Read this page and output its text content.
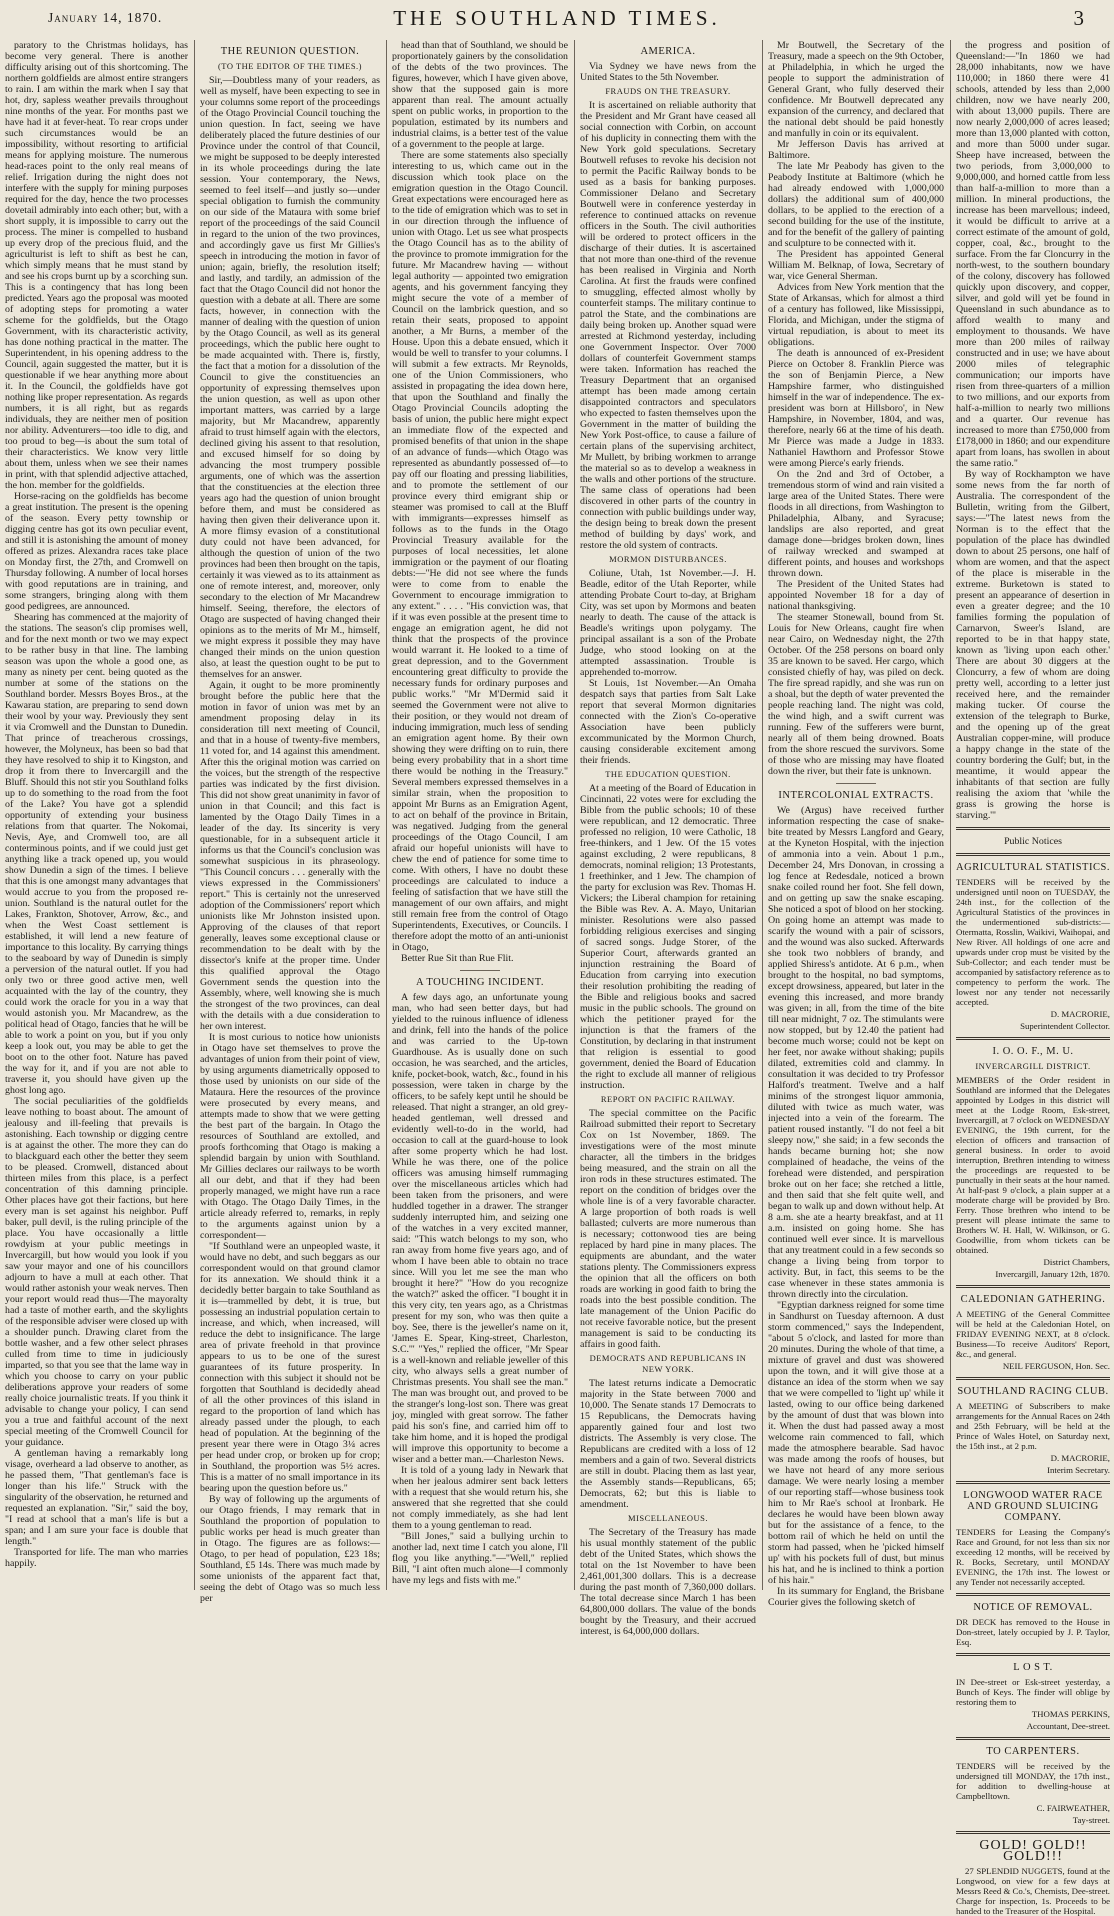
January 14, 1870.	THE SOUTHLAND TIMES.	3

paratory to the Christmas holidays, has become very general. There is another difficulty arising out of this shortcoming. The northern goldfields are almost entire strangers to rain. I am within the mark when I say that hot, dry, sapless weather prevails throughout nine months of the year. For months past we have had it at fever-heat. To rear crops under such circumstances would be an impossibility, without resorting to artificial means for applying moisture. The numerous head-races point to the only real means of relief. Irrigation during the night does not interfere with the supply for mining purposes required for the day, hence the two processes dovetail admirably into each other; but, with a short supply, it is impossible to carry out the process. The miner is compelled to husband up every drop of the precious fluid, and the agriculturist is left to shift as best he can, which simply means that he must stand by and see his crops burnt up by a scorching sun. This is a contingency that has long been predicted. Years ago the proposal was mooted of adopting steps for promoting a water scheme for the goldfields, but the Otago Government, with its characteristic activity, has done nothing practical in the matter. The Superintendent, in his opening address to the Council, again suggested the matter, but it is questionable if we hear anything more about it. In the Council, the goldfields have got nothing like proper representation. As regards numbers, it is all right, but as regards individuals, they are neither men of position nor ability. Adventurers—too idle to dig, and too proud to beg—is about the sum total of their characteristics. We know very little about them, unless when we see their names in print, with that splendid adjective attached, the hon. member for the goldfields.

Horse-racing on the goldfields has become a great institution. The present is the opening of the season. Every petty township or digging centre has got its own peculiar event, and still it is astonishing the amount of money offered as prizes. Alexandra races take place on Monday first, the 27th, and Cromwell on Thursday following. A number of local horses with good reputations are in training, and some strangers, bringing along with them good pedigrees, are announced.

Shearing has commenced at the majority of the stations. The season's clip promises well, and for the next month or two we may expect to be rather busy in that line. The lambing season was upon the whole a good one, as many as ninety per cent. being quoted as the number at some of the stations on the Southland border. Messrs Boyes Bros., at the Kawarau station, are preparing to send down their wool by your way. Previously they sent it via Cromwell and the Dunstan to Dunedin. That prince of treacherous crossings, however, the Molyneux, has been so bad that they have resolved to ship it to Kingston, and drop it from there to Invercargill and the Bluff. Should this not stir you Southland folks up to do something to the road from the foot of the Lake? You have got a splendid opportunity of extending your business relations from that quarter. The Nokomai, Nevis, Aye, and Cromwell too, are all conterminous points, and if we could just get anything like a track opened up, you would show Dunedin a sign of the times. I believe that this is one amongst many advantages that would accrue to you from the proposed re-union. Southland is the natural outlet for the Lakes, Frankton, Shotover, Arrow, &c., and when the West Coast settlement is established, it will lend a new feature of importance to this locality. By carrying things to the seaboard by way of Dunedin is simply a perversion of the natural outlet. If you had only two or three good active men, well acquainted with the lay of the country, they could work the oracle for you in a way that would astonish you. Mr Macandrew, as the political head of Otago, fancies that he will be able to work a point on you, but if you only keep a look out, you may be able to get the boot on to the other foot. Nature has paved the way for it, and if you are not able to traverse it, you should have given up the ghost long ago.

The social peculiarities of the goldfields leave nothing to boast about. The amount of jealousy and ill-feeling that prevails is astonishing. Each township or digging centre is at against the other. The more they can do to blackguard each other the better they seem to be pleased. Cromwell, distanced about thirteen miles from this place, is a perfect concentration of this damning principle. Other places have got their factions, but here every man is set against his neighbor. Puff baker, pull devil, is the ruling principle of the place. You have occasionally a little rowdyism at your public meetings in Invercargill, but how would you look if you saw your mayor and one of his councillors adjourn to have a mull at each other. That would rather astonish your weak nerves. Then your report would read thus—The mayoralty had a taste of mother earth, and the skylights of the responsible adviser were closed up with a shoulder punch. Drawing claret from the bottle washer, and a few other select phrases culled from time to time in judiciously imparted, so that you see that the lame way in which you choose to carry on your public deliberations approve your readers of some really choice journalistic treats. If you think it advisable to change your policy, I can send you a true and faithful account of the next special meeting of the Cromwell Council for your guidance.

A gentleman having a remarkably long visage, overheard a lad observe to another, as he passed them, "That gentleman's face is longer than his life." Struck with the singularity of the observation, he returned and requested an explanation. "Sir," said the boy, "I read at school that a man's life is but a span; and I am sure your face is double that length."

Transported for life. The man who marries happily.

THE REUNION QUESTION.
(TO THE EDITOR OF THE TIMES.)

Sir,—Doubtless many of your readers, as well as myself, have been expecting to see in your columns some report of the proceedings of the Otago Provincial Council touching the union question. In fact, seeing we have deliberately placed the future destinies of our Province under the control of that Council, we might be supposed to be deeply interested in its whole proceedings during the late session. Your contemporary, the News, seemed to feel itself—and justly so—under special obligation to furnish the community on our side of the Mataura with some brief report of the proceedings of the said Council in regard to the union of the two provinces, and accordingly gave us first Mr Gillies's speech in introducing the motion in favor of union; again, briefly, the resolution itself; and lastly, and tardily, an admission of the fact that the Otago Council did not honor the question with a debate at all. There are some facts, however, in connection with the manner of dealing with the question of union by the Otago Council, as well as its general proceedings, which the public here ought to be made acquainted with. There is, firstly, the fact that a motion for a dissolution of the Council to give the constituencies an opportunity of expressing themselves upon the union question, as well as upon other important matters, was carried by a large majority, but Mr Macandrew, apparently afraid to trust himself again with the electors, declined giving his assent to that resolution, and excused himself for so doing by advancing the most trumpery possible arguments, one of which was the assertion that the constituencies at the election three years ago had the question of union brought before them, and must be considered as having then given their deliverance upon it. A more flimsy evasion of a constitutional duty could not have been advanced, for although the question of union of the two provinces had been then brought on the tapis, certainly it was viewed as to its attainment as one of remote interest, and, moreover, only secondary to the election of Mr Macandrew himself. Seeing, therefore, the electors of Otago are suspected of having changed their opinions as to the merits of Mr M., himself, we might express it possible they may have changed their minds on the union question also, at least the question ought to be put to themselves for an answer.

Again, it ought to be more prominently brought before the public here that the motion in favor of union was met by an amendment proposing delay in its consideration till next meeting of Council, and that in a house of twenty-five members, 11 voted for, and 14 against this amendment. After this the original motion was carried on the voices, but the strength of the respective parties was indicated by the first division. This did not show great unanimity in favor of union in that Council; and this fact is lamented by the Otago Daily Times in a leader of the day. Its sincerity is very questionable, for in a subsequent article it informs us that the Council's conclusion was somewhat suspicious in its phraseology. "This Council concurs . . . generally with the views expressed in the Commissioners' report." This is certainly not the unreserved adoption of the Commissioners' report which unionists like Mr Johnston insisted upon. Approving of the clauses of that report generally, leaves some exceptional clause or recommendation to be dealt with by the dissector's knife at the proper time. Under this qualified approval the Otago Government sends the question into the Assembly, where, well knowing she is much the strongest of the two provinces, can deal with the details with a due consideration to her own interest.

It is most curious to notice how unionists in Otago have set themselves to prove the advantages of union from their point of view, by using arguments diametrically opposed to those used by unionists on our side of the Mataura. Here the resources of the province were prosecuted by every means, and attempts made to show that we were getting the best part of the bargain. In Otago the resources of Southland are extolled, and proofs forthcoming that Otago is making a splendid bargain by union with Southland. Mr Gillies declares our railways to be worth all our debt, and that if they had been properly managed, we might have run a race with Otago. The Otago Daily Times, in the article already referred to, remarks, in reply to the arguments against union by a correspondent—

"If Southland were an unpeopled waste, it would have no debt, and such beggars as our correspondent would on that ground clamor for its annexation. We should think it a decidedly better bargain to take Southland as it is—trammelled by debt, it is true, but possessing an industrial population certain to increase, and which, when increased, will reduce the debt to insignificance. The large area of private freehold in that province appears to us to be one of the surest guarantees of its future prosperity. In connection with this subject it should not be forgotten that Southland is decidedly ahead of all the other provinces of this island in regard to the proportion of land which has already passed under the plough, to each head of population. At the beginning of the present year there were in Otago 3¼ acres per head under crop, or broken up for crop; in Southland, the proportion was 5½ acres. This is a matter of no small importance in its bearing upon the question before us."

By way of following up the arguments of our Otago friends, I may remark that in Southland the proportion of population to public works per head is much greater than in Otago. The figures are as follows:—Otago, to per head of population, £23 18s; Southland, £5 14s. There was much made by some unionists of the apparent fact that, seeing the debt of Otago was so much less per

head than that of Southland, we should be proportionately gainers by the consolidation of the debts of the two provinces. The figures, however, which I have given above, show that the supposed gain is more apparent than real. The amount actually spent on public works, in proportion to the population, estimated by its numbers and industrial claims, is a better test of the value of a government to the people at large.

There are some statements also specially interesting to us, which came out in the discussion which took place on the emigration question in the Otago Council. Great expectations were encouraged here as to the tide of emigration which was to set in in our direction through the influence of union with Otago. Let us see what prospects the Otago Council has as to the ability of the province to promote immigration for the future. Mr Macandrew having — without legal authority — appointed two emigration agents, and his government fancying they might secure the vote of a member of Council on the lambrick question, and so retain their seats, proposed to appoint another, a Mr Burns, a member of the House. Upon this a debate ensued, which it would be well to transfer to your columns. I will submit a few extracts. Mr Reynolds, one of the Union Commissioners, who assisted in propagating the idea down here, that upon the Southland and finally the Otago Provincial Councils adopting the basis of union, the public here might expect an immediate flow of the expected and promised benefits of that union in the shape of an advance of funds—which Otago was represented as abundantly possessed of—to pay off our floating and pressing liabilities, and to promote the settlement of our province every third emigrant ship or steamer was promised to call at the Bluff with immigrants—expresses himself as follows as to the funds in the Otago Provincial Treasury available for the purposes of local necessities, let alone immigration or the payment of our floating debts:—"He did not see where the funds were to come from to enable the Government to encourage immigration to any extent." . . . . "His conviction was, that if it was even possible at the present time to engage an emigration agent, he did not think that the prospects of the province would warrant it. He looked to a time of great depression, and to the Government encountering great difficulty to provide the necessary funds for ordinary purposes and public works." "Mr M'Dermid said it seemed the Government were not alive to their position, or they would not dream of inducing immigration, much less of sending an emigration agent home. By their own showing they were drifting on to ruin, there being every probability that in a short time there would be nothing in the Treasury." Several members expressed themselves in a similar strain, when the proposition to appoint Mr Burns as an Emigration Agent, to act on behalf of the province in Britain, was negatived. Judging from the general proceedings of the Otago Council, I am afraid our hopeful unionists will have to chew the end of patience for some time to come. With others, I have no doubt these proceedings are calculated to induce a feeling of satisfaction that we have still the management of our own affairs, and might still remain free from the control of Otago Superintendents, Executives, or Councils. I therefore adopt the motto of an anti-unionist in Otago,

Better Rue Sit than Rue Flit.

A TOUCHING INCIDENT.

A few days ago, an unfortunate young man, who had seen better days, but had yielded to the ruinous influence of idleness and drink, fell into the hands of the police and was carried to the Up-town Guardhouse. As is usually done on such occasion, he was searched, and the articles, knife, pocket-book, watch, &c., found in his possession, were taken in charge by the officers, to be safely kept until he should be released. That night a stranger, an old grey-headed gentleman, well dressed and evidently well-to-do in the world, had occasion to call at the guard-house to look after some property which he had lost. While he was there, one of the police officers was amusing himself rummaging over the miscellaneous articles which had been taken from the prisoners, and were huddled together in a drawer. The stranger suddenly interrupted him, and seizing one of the watches in a very excited manner, said: "This watch belongs to my son, who ran away from home five years ago, and of whom I have been able to obtain no trace since. Will you let me see the man who brought it here?" "How do you recognize the watch?" asked the officer. "I bought it in this very city, ten years ago, as a Christmas present for my son, who was then quite a boy. See, there is the jeweller's name on it, 'James E. Spear, King-street, Charleston, S.C.'" "Yes," replied the officer, "Mr Spear is a well-known and reliable jeweller of this city, who always sells a great number of Christmas presents. You shall see the man." The man was brought out, and proved to be the stranger's long-lost son. There was great joy, mingled with great sorrow. The father paid his son's fine, and carried him off to take him home, and it is hoped the prodigal will improve this opportunity to become a wiser and a better man.—Charleston News.

It is told of a young lady in Newark that when her jealous admirer sent back letters with a request that she would return his, she answered that she regretted that she could not comply immediately, as she had lent them to a young gentleman to read.

"Bill Jones," said a bullying urchin to another lad, next time I catch you alone, I'll flog you like anything."—"Well," replied Bill, "I aint often much alone—I commonly have my legs and fists with me."

AMERICA.

Via Sydney we have news from the United States to the 5th November.

FRAUDS ON THE TREASURY.

It is ascertained on reliable authority that the President and Mr Grant have ceased all social connection with Corbin, on account of his duplicity in connecting them with the New York gold speculations. Secretary Boutwell refuses to revoke his decision not to permit the Pacific Railway bonds to be used as a basis for banking purposes. Commissioner Delano and Secretary Boutwell were in conference yesterday in reference to continued attacks on revenue officers in the South. The civil authorities will be ordered to protect officers in the discharge of their duties. It is ascertained that not more than one-third of the revenue has been realised in Virginia and North Carolina. At first the frauds were confined to smuggling, effected almost wholly by counterfeit stamps. The military continue to patrol the State, and the combinations are daily being broken up. Another squad were arrested at Richmond yesterday, including one Government Inspector. Over 7000 dollars of counterfeit Government stamps were taken. Information has reached the Treasury Department that an organised attempt has been made among certain disappointed contractors and speculators who expected to fasten themselves upon the Government in the matter of building the New York Post-office, to cause a failure of certain plans of the supervising architect, Mr Mullett, by bribing workmen to arrange the material so as to develop a weakness in the walls and other portions of the structure. The same class of operations had been discovered in other parts of the country in connection with public buildings under way, the design being to break down the present method of building by days' work, and restore the old system of contracts.

MORMON DISTURBANCES.

Coliune, Utah, 1st November.—J. H. Beadle, editor of the Utah Reporter, while attending Probate Court to-day, at Brigham City, was set upon by Mormons and beaten nearly to death. The cause of the attack is Beadle's writings upon polygamy. The principal assailant is a son of the Probate Judge, who stood looking on at the attempted assassination. Trouble is apprehended to-morrow.

St Louis, 1st November.—An Omaha despatch says that parties from Salt Lake report that several Mormon dignitaries connected with the Zion's Co-operative Association have been publicly excommunicated by the Mormon Church, causing considerable excitement among their friends.

THE EDUCATION QUESTION.

At a meeting of the Board of Education in Cincinnati, 22 votes were for excluding the Bible from the public schools; 10 of these were republican, and 12 democratic. Three professed no religion, 10 were Catholic, 18 free-thinkers, and 1 Jew. Of the 15 votes against excluding, 2 were republicans, 8 democrats, nominal religion; 13 Protestants, 1 freethinker, and 1 Jew. The champion of the party for exclusion was Rev. Thomas H. Vickers; the Liberal champion for retaining the Bible was Rev. A. A. Mayo, Unitarian minister. Resolutions were also passed forbidding religious exercises and singing of sacred songs. Judge Storer, of the Superior Court, afterwards granted an injunction restraining the Board of Education from carrying into execution their resolution prohibiting the reading of the Bible and religious books and sacred music in the public schools. The ground on which the petitioner prayed for the injunction is that the framers of the Constitution, by declaring in that instrument that religion is essential to good government, denied the Board of Education the right to exclude all manner of religious instruction.

REPORT ON PACIFIC RAILWAY.

The special committee on the Pacific Railroad submitted their report to Secretary Cox on 1st November, 1869. The investigations were of the most minute character, all the timbers in the bridges being measured, and the strain on all the iron rods in these structures estimated. The report on the condition of bridges over the whole line is of a very favorable character. A large proportion of both roads is well ballasted; culverts are more numerous than is necessary; cottonwood ties are being replaced by hard pine in many places. The equipments are abundant, and the water stations plenty. The Commissioners express the opinion that all the officers on both roads are working in good faith to bring the roads into the best possible condition. The late management of the Union Pacific do not receive favorable notice, but the present management is said to be conducting its affairs in good faith.

DEMOCRATS AND REPUBLICANS IN NEW YORK.

The latest returns indicate a Democratic majority in the State between 7000 and 10,000. The Senate stands 17 Democrats to 15 Republicans, the Democrats having apparently gained four and lost two districts. The Assembly is very close. The Republicans are credited with a loss of 12 members and a gain of two. Several districts are still in doubt. Placing them as last year, the Assembly stands—Republicans, 65; Democrats, 62; but this is liable to amendment.

MISCELLANEOUS.

The Secretary of the Treasury has made his usual monthly statement of the public debt of the United States, which shows the total on the 1st November to have been 2,461,001,300 dollars. This is a decrease during the past month of 7,360,000 dollars. The total decrease since March 1 has been 64,800,000 dollars. The value of the bonds bought by the Treasury, and their accrued interest, is 64,000,000 dollars.

Mr Boutwell, the Secretary of the Treasury, made a speech on the 9th October, at Philadelphia, in which he urged the people to support the administration of General Grant, who fully deserved their confidence. Mr Boutwell deprecated any expansion of the currency, and declared that the national debt should be paid honestly and manfully in coin or its equivalent.

Mr Jefferson Davis has arrived at Baltimore.

The late Mr Peabody has given to the Peabody Institute at Baltimore (which he had already endowed with 1,000,000 dollars) the additional sum of 400,000 dollars, to be applied to the erection of a second building for the use of the institute, and for the benefit of the gallery of painting and sculpture to be connected with it.

The President has appointed General William M. Belknap, of Iowa, Secretary of war, vice General Sherman.

Advices from New York mention that the State of Arkansas, which for almost a third of a century has followed, like Mississippi, Florida, and Michigan, under the stigma of virtual repudiation, is about to meet its obligations.

The death is announced of ex-President Pierce on October 8. Franklin Pierce was the son of Benjamin Pierce, a New Hampshire farmer, who distinguished himself in the war of independence. The ex-president was born at Hillsboro', in New Hampshire, in November, 1804, and was, therefore, nearly 66 at the time of his death. Mr Pierce was made a Judge in 1833. Nathaniel Hawthorn and Professor Stowe were among Pierce's early friends.

On the 2nd and 3rd of October, a tremendous storm of wind and rain visited a large area of the United States. There were floods in all directions, from Washington to Philadelphia, Albany, and Syracuse; landslips are also reported, and great damage done—bridges broken down, lines of railway wrecked and swamped at different points, and houses and workshops thrown down.

The President of the United States had appointed November 18 for a day of national thanksgiving.

The steamer Stonewall, bound from St. Louis for New Orleans, caught fire when near Cairo, on Wednesday night, the 27th October. Of the 258 persons on board only 35 are known to be saved. Her cargo, which consisted chiefly of hay, was piled on deck. The fire spread rapidly, and she was run on a shoal, but the depth of water prevented the people reaching land. The night was cold, the wind high, and a swift current was running. Few of the sufferers were burnt, nearly all of them being drowned. Boats from the shore rescued the survivors. Some of those who are missing may have floated down the river, but their fate is unknown.

INTERCOLONIAL EXTRACTS.

We (Argus) have received further information respecting the case of snake-bite treated by Messrs Langford and Geary, at the Kyneton Hospital, with the injection of ammonia into a vein. About 1 p.m., December 24, Mrs Donovan, in crossing a log fence at Redesdale, noticed a brown snake coiled round her foot. She fell down, and on getting up saw the snake escaping. She noticed a spot of blood on her stocking. On going home an attempt was made to scarify the wound with a pair of scissors, and the wound was also sucked. Afterwards she took two nobblers of brandy, and applied Shiress's antidote. At 6 p.m., when brought to the hospital, no bad symptoms, except drowsiness, appeared, but later in the evening this increased, and more brandy was given; in all, from the time of the bite till near midnight, 7 oz. The stimulants were now stopped, but by 12.40 the patient had become much worse; could not be kept on her feet, nor awake without shaking; pupils dilated, extremities cold and clammy. In consultation it was decided to try Professor Halford's treatment. Twelve and a half minims of the strongest liquor ammonia, diluted with twice as much water, was injected into a vein of the forearm. The patient roused instantly. "I do not feel a bit sleepy now," she said; in a few seconds the hands became burning hot; she now complained of headache, the veins of the forehead were distended, and perspiration broke out on her face; she retched a little, and then said that she felt quite well, and began to walk up and down without help. At 8 a.m. she ate a hearty breakfast, and at 11 a.m. insisted on going home. She has continued well ever since. It is marvellous that any treatment could in a few seconds so change a living being from torpor to activity. But, in fact, this seems to be the case whenever in these states ammonia is thrown directly into the circulation.

"Egyptian darkness reigned for some time in Sandhurst on Tuesday afternoon. A dust storm commenced," says the Independent, "about 5 o'clock, and lasted for more than 20 minutes. During the whole of that time, a mixture of gravel and dust was showered upon the town, and it will give those at a distance an idea of the storm when we say that we were compelled to 'light up' while it lasted, owing to our office being darkened by the amount of dust that was blown into it. When the dust had passed away a most welcome rain commenced to fall, which made the atmosphere bearable. Sad havoc was made among the roofs of houses, but we have not heard of any more serious damage. We were nearly losing a member of our reporting staff—whose business took him to Mr Rae's school at Ironbark. He declares he would have been blown away but for the assistance of a fence, to the bottom rail of which he held on until the storm had passed, when he 'picked himself up' with his pockets full of dust, but minus his hat, and he is inclined to think a portion of his hair."

In its summary for England, the Brisbane Courier gives the following sketch of

the progress and position of Queensland:—"In 1860 we had 28,000 inhabitants, now we have 110,000; in 1860 there were 41 schools, attended by less than 2,000 children, now we have nearly 200, with about 13,000 pupils. There are now nearly 2,000,000 of acres leased; more than 13,000 planted with cotton, and more than 5000 under sugar. Sheep have increased, between the two periods, from 3,000,000 to 9,000,000, and horned cattle from less than half-a-million to more than a million. In mineral productions, the increase has been marvellous; indeed, it would be difficult to arrive at a correct estimate of the amount of gold, copper, coal, &c., brought to the surface. From the far Cloncurry in the north-west, to the southern boundary of the colony, discovery has followed quickly upon discovery, and copper, silver, and gold will yet be found in Queensland in such abundance as to afford wealth to many and employment to thousands. We have more than 200 miles of railway constructed and in use; we have about 2000 miles of telegraphic communication; our imports have risen from three-quarters of a million to two millions, and our exports from half-a-million to nearly two millions and a quarter. Our revenue has increased to more than £750,000 from £178,000 in 1860; and our expenditure apart from loans, has swollen in about the same ratio."

By way of Rockhampton we have some news from the far north of Australia. The correspondent of the Bulletin, writing from the Gilbert, says:—"The latest news from the Norman is to the effect that the population of the place has dwindled down to about 25 persons, one half of whom are women, and that the aspect of the place is miserable in the extreme. Burketown is stated to present an appearance of desertion in even a greater degree; and the 10 families forming the population of Carnarvon, Sweer's Island, are reported to be in that happy state, known as 'living upon each other.' There are about 30 diggers at the Cloncurry, a few of whom are doing pretty well, according to a letter just received here, and the remainder making tucker. Of course the extension of the telegraph to Burke, and the opening up of the great Australian copper-mine, will produce a happy change in the state of the country bordering the Gulf; but, in the meantime, it would appear the inhabitants of that section are fully realising the axiom that 'while the grass is growing the horse is starving.'"

Public Notices
AGRICULTURAL STATISTICS.

TENDERS will be received by the undersigned until noon on TUESDAY, the 24th inst., for the collection of the Agricultural Statistics of the provinces in the undermentioned sub-districts:—Otermatta, Rosslin, Waikivi, Waihopai, and New River. All holdings of one acre and upwards under crop must be visited by the Sub-Collector; and each tender must be accompanied by satisfactory reference as to competency to perform the work. The lowest nor any tender not necessarily accepted.

D. MACRORIE,
Superintendent Collector.
I. O. O. F., M. U.
INVERCARGILL DISTRICT.

MEMBERS of the Order resident in Southland are informed that the Delegates appointed by Lodges in this district will meet at the Lodge Room, Esk-street, Invercargill, at 7 o'clock on WEDNESDAY EVENING, the 19th current, for the election of officers and transaction of general business. In order to avoid interruption, Brethren intending to witness the proceedings are requested to be punctually in their seats at the hour named. At half-past 9 o'clock, a plain supper at a moderate charge will be provided by Bro. Ferry. Those brethren who intend to be present will please intimate the same to Brothers W. H. Hall, W. Wilkinson, or G. Goodwillie, from whom tickets can be obtained.

District Chambers,
Invercargill, January 12th, 1870.
CALEDONIAN GATHERING.

A MEETING of the General Committee will be held at the Caledonian Hotel, on FRIDAY EVENING NEXT, at 8 o'clock. Business—To receive Auditors' Report, &c., and general.

NEIL FERGUSON, Hon. Sec.
SOUTHLAND RACING CLUB.

A MEETING of Subscribers to make arrangements for the Annual Races on 24th and 25th February, will be held at the Prince of Wales Hotel, on Saturday next, the 15th inst., at 2 p.m.

D. MACRORIE,
Interim Secretary.
LONGWOOD WATER RACE AND GROUND SLUICING COMPANY.

TENDERS for Leasing the Company's Race and Ground, for not less than six nor exceeding 12 months, will be received by R. Bocks, Secretary, until MONDAY EVENING, the 17th inst. The lowest or any Tender not necessarily accepted.

NOTICE OF REMOVAL.

DR DECK has removed to the House in Don-street, lately occupied by J. P. Taylor, Esq.

L O S T.

IN Dee-street or Esk-street yesterday, a Bunch of Keys. The finder will oblige by restoring them to

THOMAS PERKINS,
Accountant, Dee-street.
TO CARPENTERS.

TENDERS will be received by the undersigned till MONDAY, the 17th inst., for addition to dwelling-house at Campbelltown.

C. FAIRWEATHER,
Tay-street.
GOLD! GOLD!! GOLD!!!

27 SPLENDID NUGGETS, found at the Longwood, on view for a few days at Messrs Reed & Co.'s, Chemists, Dee-street. Charge for inspection, 1s. Proceeds to be handed to the Treasurer of the Hospital.
